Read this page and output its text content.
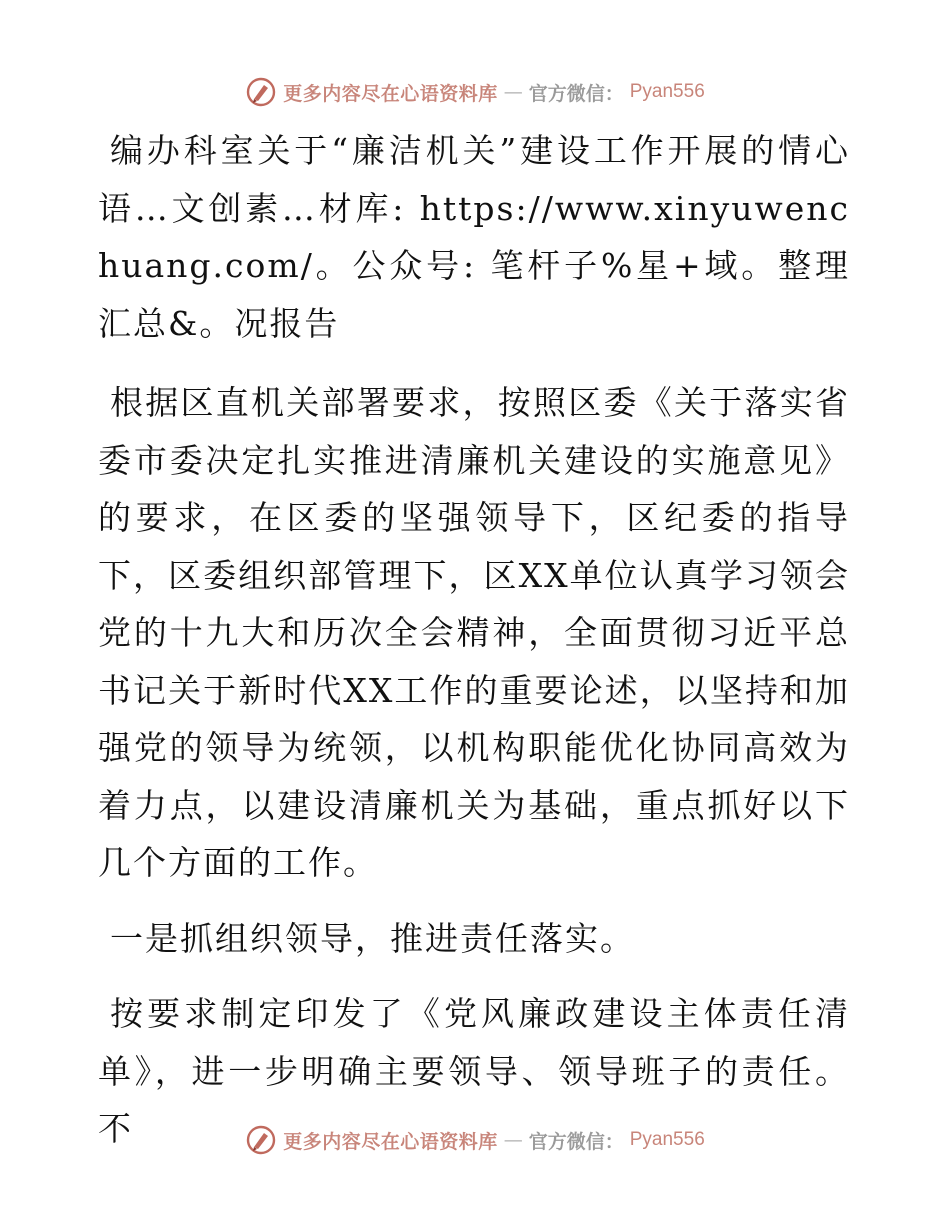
更多内容尽在心语资料库 — 官方微信： Pyan556

编办科室关于“廉洁机关”建设工作开展的情心语…文创素…材库: https://www.xinyuwenchuang.com/。公众号: 笔杆子%星+域。整理汇总&。况报告

根据区直机关部署要求，按照区委《关于落实省委市委决定扎实推进清廉机关建设的实施意见》的要求，在区委的坚强领导下，区纪委的指导下，区委组织部管理下，区XX单位认真学习领会党的十九大和历次全会精神，全面贯彻习近平总书记关于新时代XX工作的重要论述，以坚持和加强党的领导为统领，以机构职能优化协同高效为着力点，以建设清廉机关为基础，重点抓好以下几个方面的工作。

一是抓组织领导，推进责任落实。

按要求制定印发了《党风廉政建设主体责任清单》，进一步明确主要领导、领导班子的责任。不	更多内容尽在心语资料库 — 官方微信： Pyan556
